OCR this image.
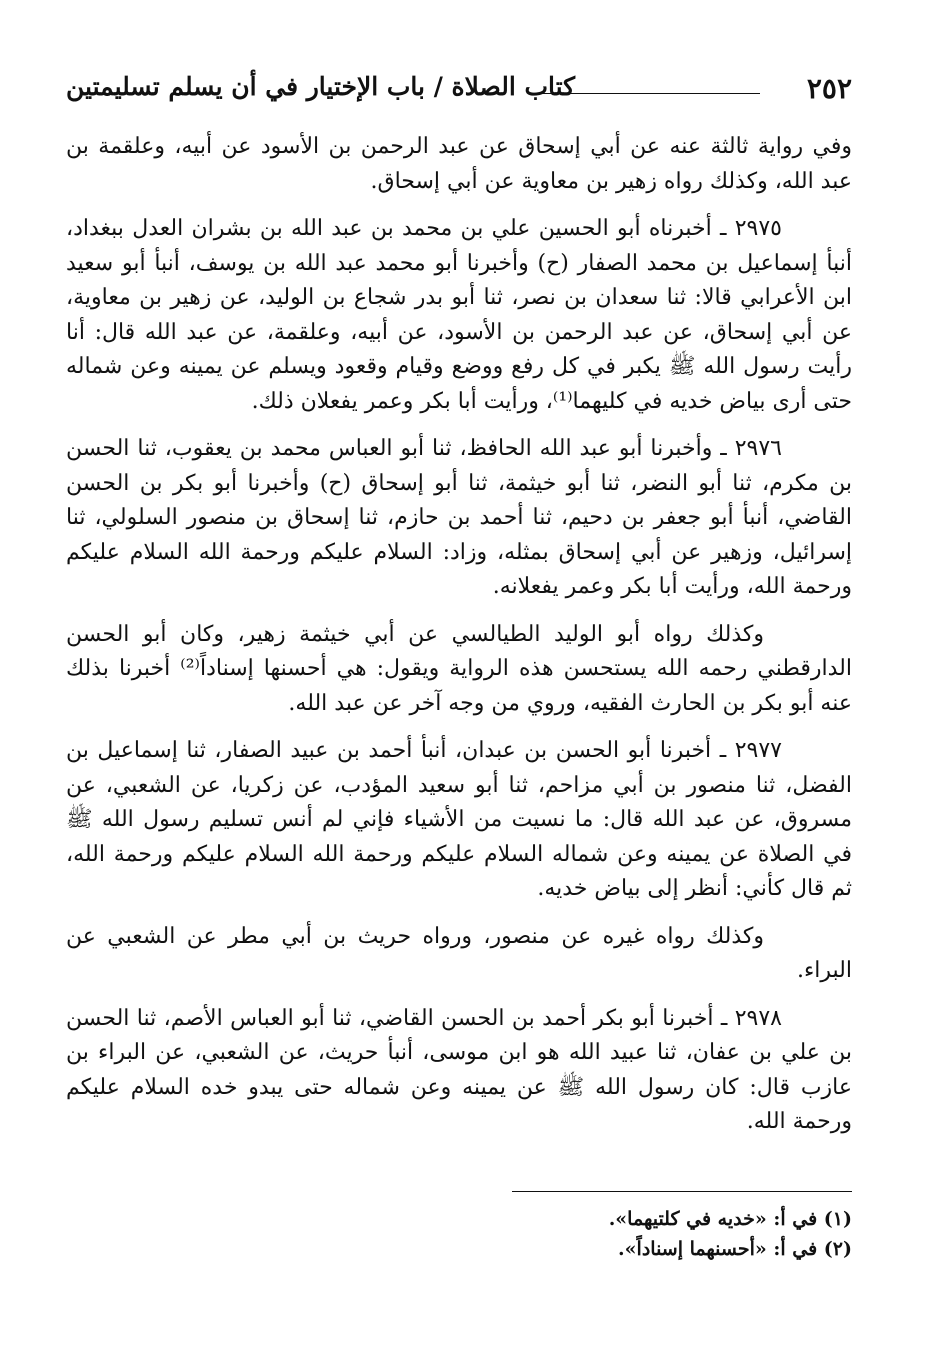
٢٥٢
كتاب الصلاة / باب الإختيار في أن يسلم تسليمتين

وفي رواية ثالثة عنه عن أبي إسحاق عن عبد الرحمن بن الأسود عن أبيه، وعلقمة بن عبد الله، وكذلك رواه زهير بن معاوية عن أبي إسحاق.

٢٩٧٥ ـ أخبرناه أبو الحسين علي بن محمد بن عبد الله بن بشران العدل ببغداد، أنبأ إسماعيل بن محمد الصفار (ح) وأخبرنا أبو محمد عبد الله بن يوسف، أنبأ أبو سعيد ابن الأعرابي قالا: ثنا سعدان بن نصر، ثنا أبو بدر شجاع بن الوليد، عن زهير بن معاوية، عن أبي إسحاق، عن عبد الرحمن بن الأسود، عن أبيه، وعلقمة، عن عبد الله قال: أنا رأيت رسول الله ﷺ يكبر في كل رفع ووضع وقيام وقعود ويسلم عن يمينه وعن شماله حتى أرى بياض خديه في كليهما⁽¹⁾، ورأيت أبا بكر وعمر يفعلان ذلك.

٢٩٧٦ ـ وأخبرنا أبو عبد الله الحافظ، ثنا أبو العباس محمد بن يعقوب، ثنا الحسن بن مكرم، ثنا أبو النضر، ثنا أبو خيثمة، ثنا أبو إسحاق (ح) وأخبرنا أبو بكر بن الحسن القاضي، أنبأ أبو جعفر بن دحيم، ثنا أحمد بن حازم، ثنا إسحاق بن منصور السلولي، ثنا إسرائيل، وزهير عن أبي إسحاق بمثله، وزاد: السلام عليكم ورحمة الله السلام عليكم ورحمة الله، ورأيت أبا بكر وعمر يفعلانه.

وكذلك رواه أبو الوليد الطيالسي عن أبي خيثمة زهير، وكان أبو الحسن الدارقطني رحمه الله يستحسن هذه الرواية ويقول: هي أحسنها إسناداً⁽²⁾ أخبرنا بذلك عنه أبو بكر بن الحارث الفقيه، وروي من وجه آخر عن عبد الله.

٢٩٧٧ ـ أخبرنا أبو الحسن بن عبدان، أنبأ أحمد بن عبيد الصفار، ثنا إسماعيل بن الفضل، ثنا منصور بن أبي مزاحم، ثنا أبو سعيد المؤدب، عن زكريا، عن الشعبي، عن مسروق، عن عبد الله قال: ما نسيت من الأشياء فإني لم أنس تسليم رسول الله ﷺ في الصلاة عن يمينه وعن شماله السلام عليكم ورحمة الله السلام عليكم ورحمة الله، ثم قال كأني: أنظر إلى بياض خديه.

وكذلك رواه غيره عن منصور، ورواه حريث بن أبي مطر عن الشعبي عن البراء.

٢٩٧٨ ـ أخبرنا أبو بكر أحمد بن الحسن القاضي، ثنا أبو العباس الأصم، ثنا الحسن بن علي بن عفان، ثنا عبيد الله هو ابن موسى، أنبأ حريث، عن الشعبي، عن البراء بن عازب قال: كان رسول الله ﷺ عن يمينه وعن شماله حتى يبدو خده السلام عليكم ورحمة الله.

(١) في أ: «خديه في كلتيهما».

(٢) في أ: «أحسنهما إسناداً».
